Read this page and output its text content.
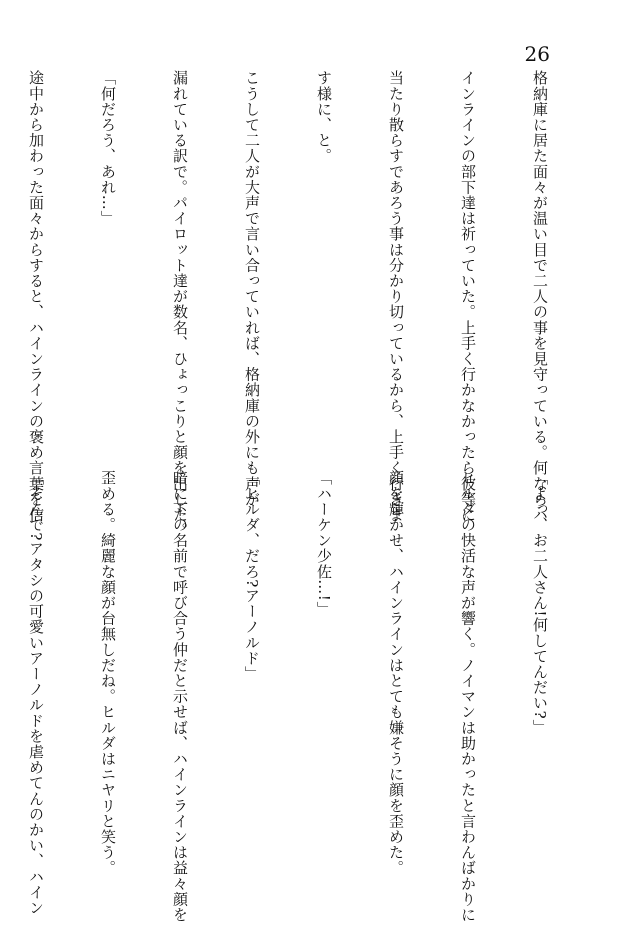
26

格納庫に居た面々が温い目で二人の事を見守っている。何ならハ

インラインの部下達は祈っていた。上手く行かなかったら彼等に

当たり散らすであろう事は分かり切っているから、上手く行きま

す様に、と。

こうして二人が大声で言い合っていれば、格納庫の外にも声が

漏れている訳で。パイロット達が数名、ひょっこりと顔を出した。

「何だろう、あれ…」

途中から加わった面々からすると、ハインラインの褒め言葉を信

「よっ、お二人さん!何してんだい?」

ヒルダの快活な声が響く。ノイマンは助かったと言わんばかりに

顔を輝かせ、ハインラインはとても嫌そうに顔を歪めた。

「ハーケン少佐…!」

「ヒルダ、だろ?アーノルド」

暗に下の名前で呼び合う仲だと示せば、ハインラインは益々顔を

歪める。綺麗な顔が台無しだね。ヒルダはニヤリと笑う。

「そんで?アタシの可愛いアーノルドを虐めてんのかい、ハイン
